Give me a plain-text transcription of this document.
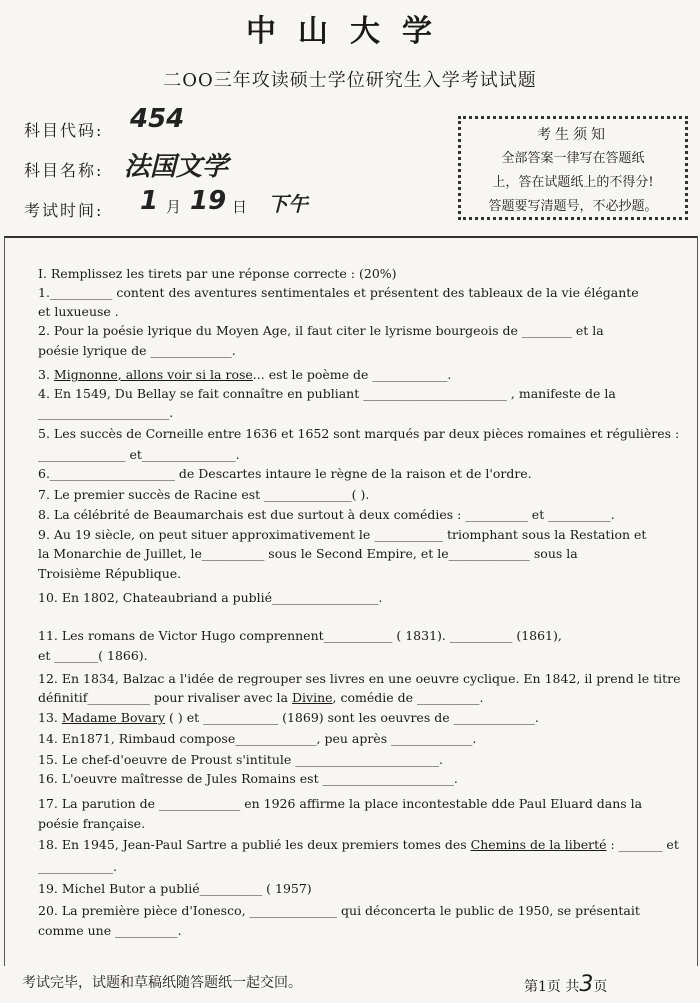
中山大学
二OO三年攻读硕士学位研究生入学考试试题
科目代码: 454
科目名称: 法国文学
考试时间: 1 月 19 日 下午
考生须知
全部答案一律写在答题纸
上，答在试题纸上的不得分!
答题要写清题号，不必抄题。
I. Remplissez les tirets par une réponse correcte : (20%)
1.__________ content des aventures sentimentales et présentent des tableaux de la vie élégante
et luxueuse .
2. Pour la poésie lyrique du Moyen Age, il faut citer le lyrisme bourgeois de ________ et la
poésie lyrique de _____________.
3. Mignonne, allons voir si la rose... est le poème de ____________.
4. En 1549, Du Bellay se fait connaître en publiant _______________________ , manifeste de la
_____________________.
5. Les succès de Corneille entre 1636 et 1652 sont marqués par deux pièces romaines et régulières :
______________ et_______________.
6.____________________ de Descartes intaure le règne de la raison et de l'ordre.
7. Le premier succès de Racine est ______________( ).
8. La célébrité de Beaumarchais est due surtout à deux comédies : __________ et __________.
9. Au 19 siècle, on peut situer approximativement le ___________ triomphant sous la Restation et
la Monarchie de Juillet, le__________ sous le Second Empire, et le_____________ sous la
Troisième République.
10. En 1802, Chateaubriand a publié_________________.
11. Les romans de Victor Hugo comprennent___________ ( 1831). __________ (1861),
et _______( 1866).
12. En 1834, Balzac a l'idée de regrouper ses livres en une oeuvre cyclique. En 1842, il prend le titre
définitif__________ pour rivaliser avec la Divine, comédie de __________.
13. Madame Bovary ( ) et ____________ (1869) sont les oeuvres de _____________.
14. En1871, Rimbaud compose_____________, peu après _____________.
15. Le chef-d'oeuvre de Proust s'intitule _______________________.
16. L'oeuvre maîtresse de Jules Romains est _____________________.
17. La parution de _____________ en 1926 affirme la place incontestable dde Paul Eluard dans la
poésie française.
18. En 1945, Jean-Paul Sartre a publié les deux premiers tomes des Chemins de la liberté : _______ et
____________.
19. Michel Butor a publié__________ ( 1957)
20. La première pièce d'Ionesco, ______________ qui déconcerta le public de 1950, se présentait
comme une __________.
考试完毕，试题和草稿纸随答题纸一起交回。	第1页 共3页
